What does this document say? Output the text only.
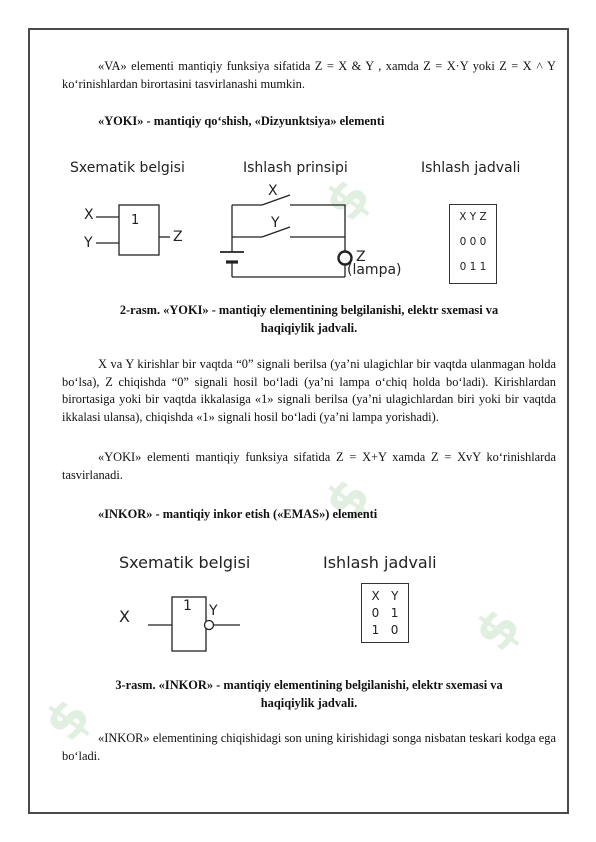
$
$
$
$

«VA» elementi mantiqiy funksiya sifatida Z = X & Y , xamda Z = X·Y yoki Z = X ˄ Y ko‘rinishlardan birortasini tasvirlanashi mumkin.

«YOKI» - mantiqiy qo‘shish, «Dizyunktsiya» elementi

Sxematik belgisi	Ishlash prinsipi	Ishlash jadvali
X
Y
1
Z
X
Y
Z
(lampa)
X Y Z
0 0 0
0 1 1
2-rasm. «YOKI» - mantiqiy elementining belgilanishi, elektr sxemasi va
haqiqiylik jadvali.

X va Y kirishlar bir vaqtda “0” signali berilsa (ya’ni ulagichlar bir vaqtda ulanmagan holda bo‘lsa), Z chiqishda “0” signali hosil bo‘ladi (ya’ni lampa o‘chiq holda bo‘ladi). Kirishlardan birortasiga yoki bir vaqtda ikkalasiga «1» signali berilsa (ya’ni ulagichlardan biri yoki bir vaqtda ikkalasi ulansa), chiqishda «1» signali hosil bo‘ladi (ya’ni lampa yorishadi).

«YOKI» elementi mantiqiy funksiya sifatida Z = X+Y xamda Z = XvY ko‘rinishlarda tasvirlanadi.

«INKOR» - mantiqiy inkor etish («EMAS») elementi

Sxematik belgisi	Ishlash jadvali
X
1 Y
X   Y
0   1
1   0
3-rasm. «INKOR» - mantiqiy elementining belgilanishi, elektr sxemasi va
haqiqiylik jadvali.

«INKOR» elementining chiqishidagi son uning kirishidagi songa nisbatan teskari kodga ega bo‘ladi.
